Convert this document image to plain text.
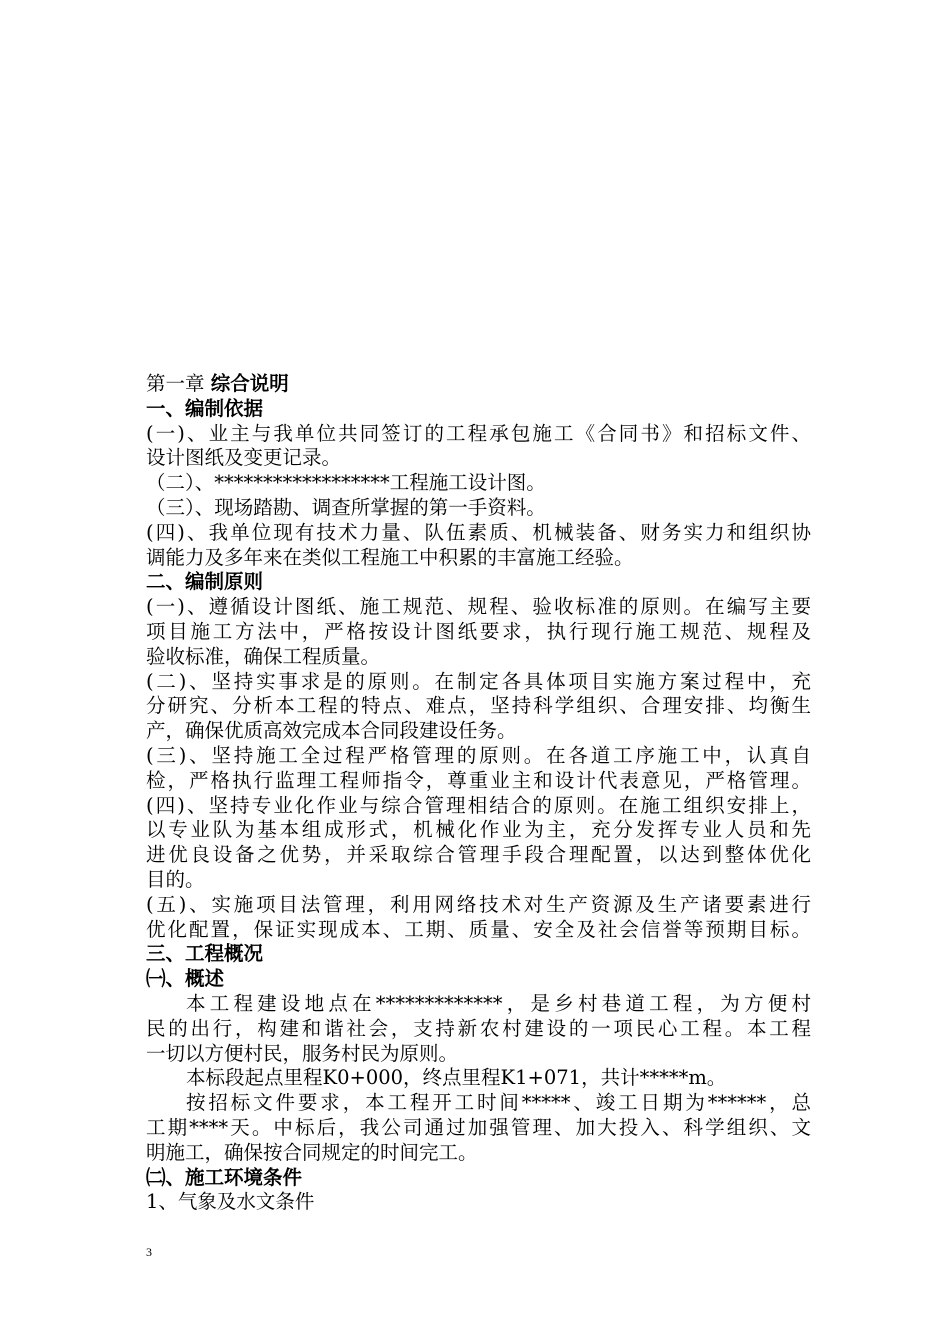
第一章 综合说明
一、编制依据
(一)、业主与我单位共同签订的工程承包施工《合同书》和招标文件、
设计图纸及变更记录。
（二）、******************工程施工设计图。
（三）、现场踏勘、调查所掌握的第一手资料。
(四)、我单位现有技术力量、队伍素质、机械装备、财务实力和组织协
调能力及多年来在类似工程施工中积累的丰富施工经验。
二、编制原则
(一)、遵循设计图纸、施工规范、规程、验收标准的原则。在编写主要
项目施工方法中，严格按设计图纸要求，执行现行施工规范、规程及
验收标准，确保工程质量。
(二)、坚持实事求是的原则。在制定各具体项目实施方案过程中，充
分研究、分析本工程的特点、难点，坚持科学组织、合理安排、均衡生
产，确保优质高效完成本合同段建设任务。
(三)、坚持施工全过程严格管理的原则。在各道工序施工中，认真自
检，严格执行监理工程师指令，尊重业主和设计代表意见，严格管理。
(四)、坚持专业化作业与综合管理相结合的原则。在施工组织安排上，
以专业队为基本组成形式，机械化作业为主，充分发挥专业人员和先
进优良设备之优势，并采取综合管理手段合理配置，以达到整体优化
目的。
(五)、实施项目法管理，利用网络技术对生产资源及生产诸要素进行
优化配置，保证实现成本、工期、质量、安全及社会信誉等预期目标。
三、工程概况
㈠、概述
本工程建设地点在*************，是乡村巷道工程，为方便村
民的出行，构建和谐社会，支持新农村建设的一项民心工程。本工程
一切以方便村民，服务村民为原则。
本标段起点里程K0+000，终点里程K1+071，共计*****m。
按招标文件要求，本工程开工时间*****、竣工日期为******，总
工期****天。中标后，我公司通过加强管理、加大投入、科学组织、文
明施工，确保按合同规定的时间完工。
㈡、施工环境条件
1、气象及水文条件
3
